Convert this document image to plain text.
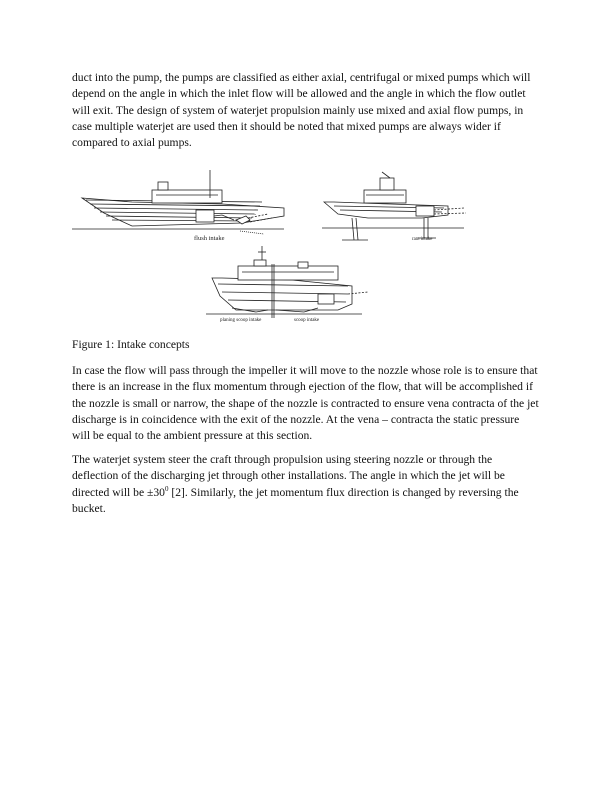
duct into the pump, the pumps are classified as either axial, centrifugal or mixed pumps which will depend on the angle in which the inlet flow will be allowed and the angle in which the flow outlet will exit. The design of system of waterjet propulsion mainly use mixed and axial flow pumps, in case multiple waterjet are used then it should be noted that mixed pumps are always wider if compared to axial pumps.

flush intake	ram intake
planing scoop intake	scoop intake

Figure 1: Intake concepts

In case the flow will pass through the impeller it will move to the nozzle whose role is to ensure that there is an increase in the flux momentum through ejection of the flow, that will be accomplished if the nozzle is small or narrow, the shape of the nozzle is contracted to ensure vena contracta of the jet discharge is in coincidence with the exit of the nozzle. At the vena – contracta the static pressure will be equal to the ambient pressure at this section.

The waterjet system steer the craft through propulsion using steering nozzle or through the deflection of the discharging jet through other installations. The angle in which the jet will be directed will be $\pm 30^0$ [2]. Similarly, the jet momentum flux direction is changed by reversing the bucket.
